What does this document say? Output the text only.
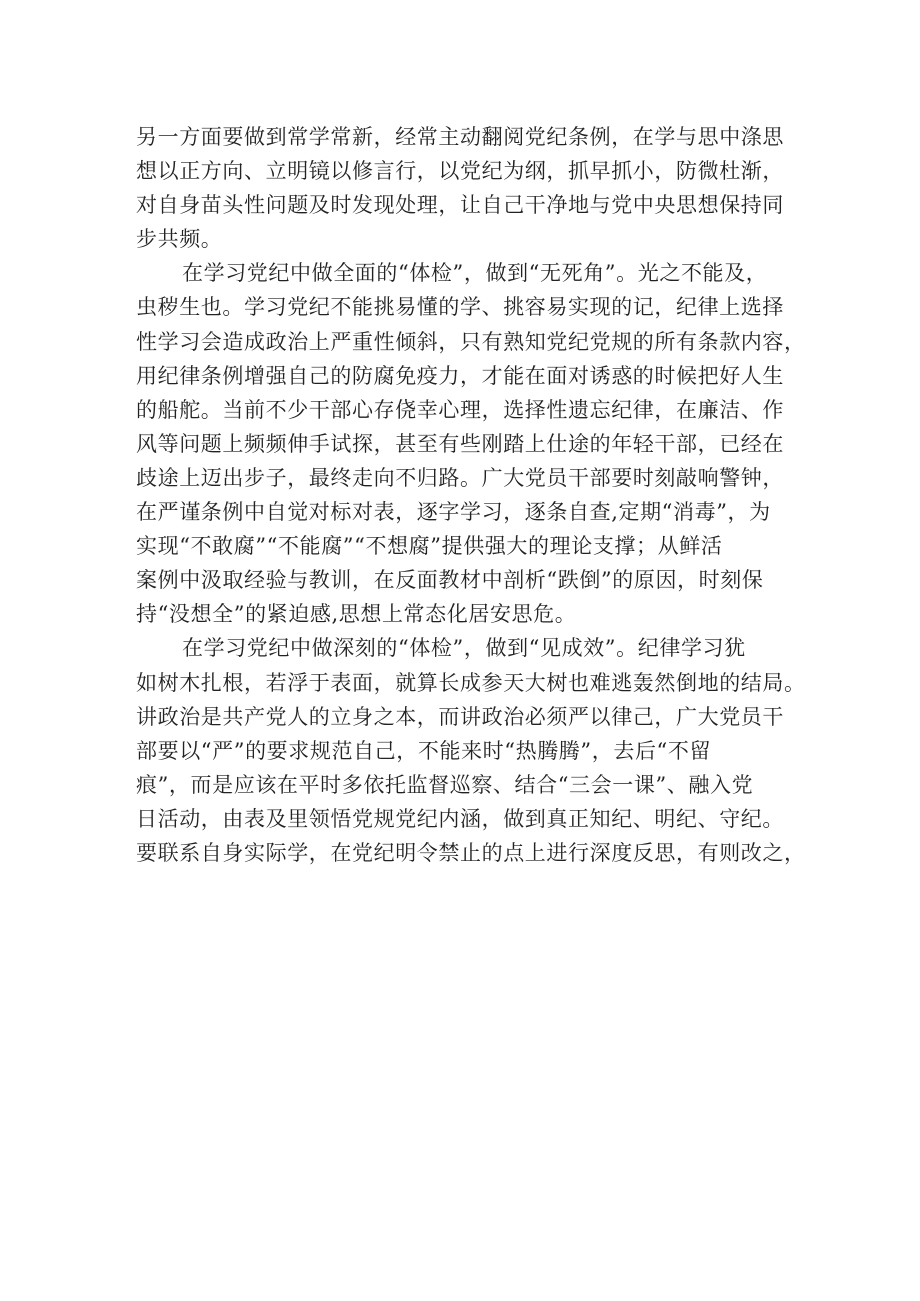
另一方面要做到常学常新，经常主动翻阅党纪条例，在学与思中涤思
想以正方向、立明镜以修言行，以党纪为纲，抓早抓小，防微杜渐，
对自身苗头性问题及时发现处理，让自己干净地与党中央思想保持同
步共频。
在学习党纪中做全面的“体检”，做到“无死角”。光之不能及，
虫秽生也。学习党纪不能挑易懂的学、挑容易实现的记，纪律上选择
性学习会造成政治上严重性倾斜，只有熟知党纪党规的所有条款内容，
用纪律条例增强自己的防腐免疫力，才能在面对诱惑的时候把好人生
的船舵。当前不少干部心存侥幸心理，选择性遗忘纪律，在廉洁、作
风等问题上频频伸手试探，甚至有些刚踏上仕途的年轻干部，已经在
歧途上迈出步子，最终走向不归路。广大党员干部要时刻敲响警钟，
在严谨条例中自觉对标对表，逐字学习，逐条自查,定期“消毒”，为
实现“不敢腐”“不能腐”“不想腐”提供强大的理论支撑；从鲜活
案例中汲取经验与教训，在反面教材中剖析“跌倒”的原因，时刻保
持“没想全”的紧迫感,思想上常态化居安思危。
在学习党纪中做深刻的“体检”，做到“见成效”。纪律学习犹
如树木扎根，若浮于表面，就算长成参天大树也难逃轰然倒地的结局。
讲政治是共产党人的立身之本，而讲政治必须严以律己，广大党员干
部要以“严”的要求规范自己，不能来时“热腾腾”，去后“不留
痕”，而是应该在平时多依托监督巡察、结合“三会一课”、融入党
日活动，由表及里领悟党规党纪内涵，做到真正知纪、明纪、守纪。
要联系自身实际学，在党纪明令禁止的点上进行深度反思，有则改之，
